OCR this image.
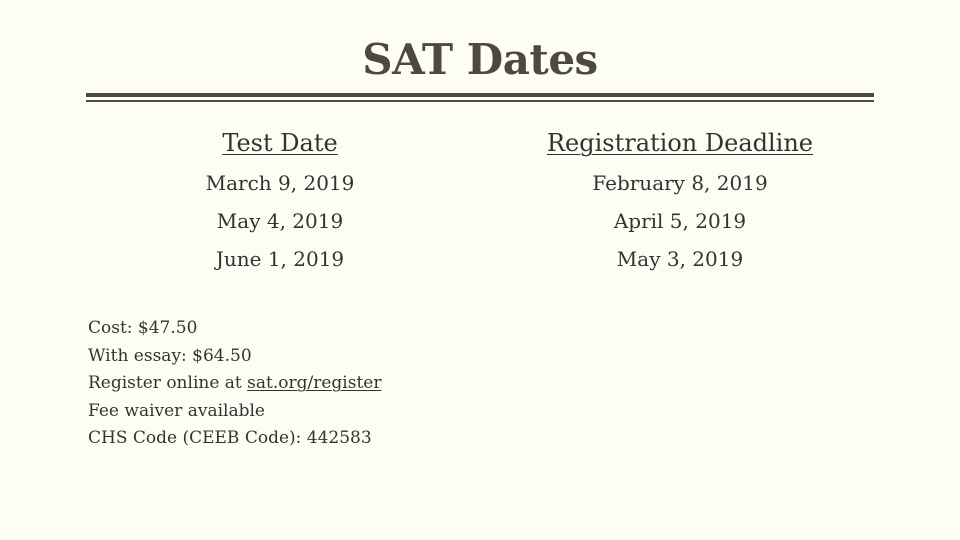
SAT Dates
Test Date
March 9, 2019
May 4, 2019
June 1, 2019
Registration Deadline
February 8, 2019
April 5, 2019
May 3, 2019
Cost: $47.50
With essay: $64.50
Register online at sat.org/register
Fee waiver available
CHS Code (CEEB Code): 442583
